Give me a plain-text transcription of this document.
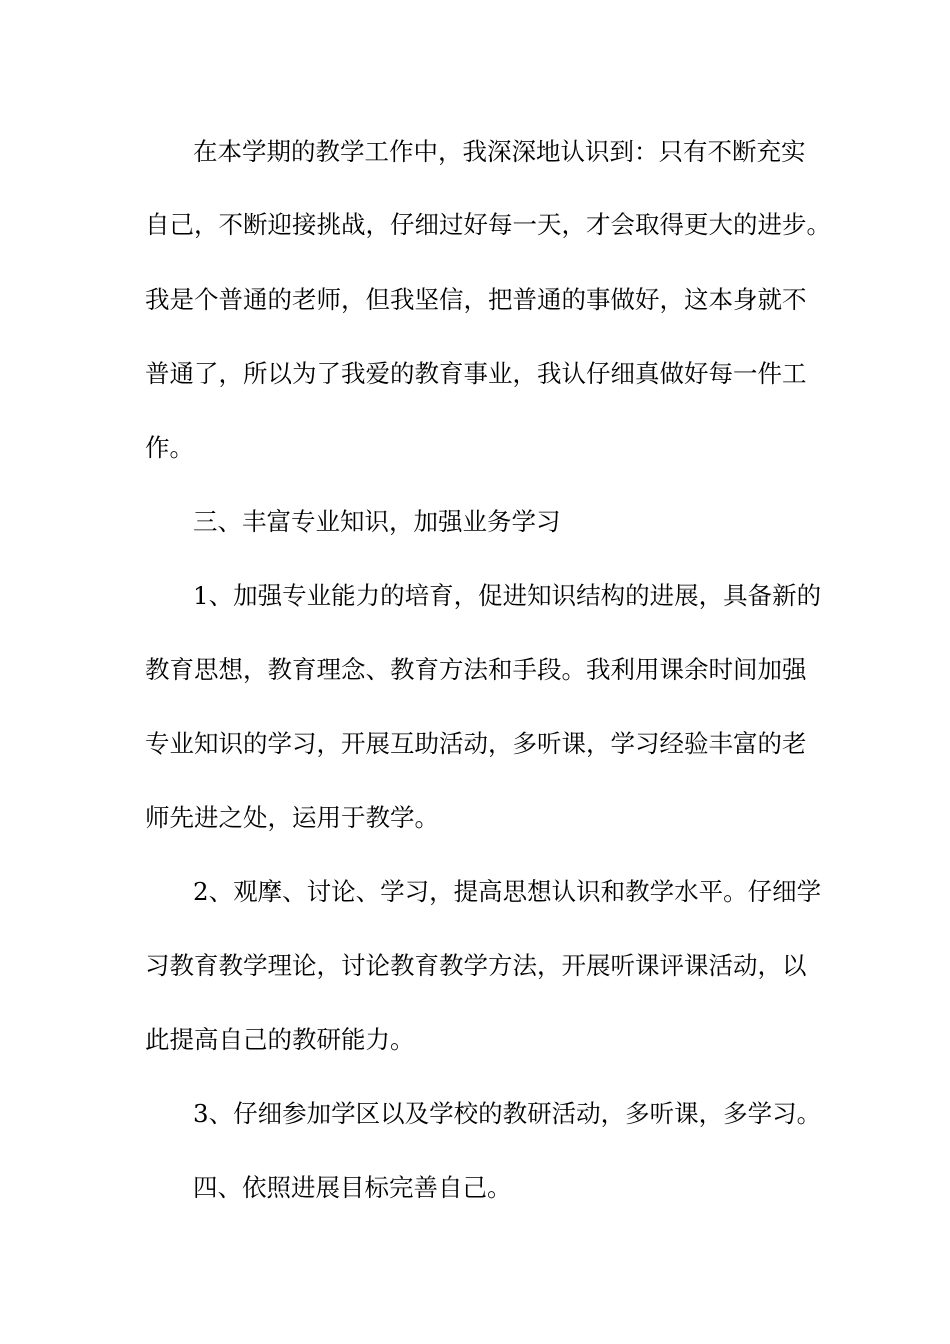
在本学期的教学工作中，我深深地认识到：只有不断充实
自己，不断迎接挑战，仔细过好每一天，才会取得更大的进步。
我是个普通的老师，但我坚信，把普通的事做好，这本身就不
普通了，所以为了我爱的教育事业，我认仔细真做好每一件工
作。
三、丰富专业知识，加强业务学习
1、加强专业能力的培育，促进知识结构的进展，具备新的
教育思想，教育理念、教育方法和手段。我利用课余时间加强
专业知识的学习，开展互助活动，多听课，学习经验丰富的老
师先进之处，运用于教学。
2、观摩、讨论、学习，提高思想认识和教学水平。仔细学
习教育教学理论，讨论教育教学方法，开展听课评课活动，以
此提高自己的教研能力。
3、仔细参加学区以及学校的教研活动，多听课，多学习。
四、依照进展目标完善自己。
